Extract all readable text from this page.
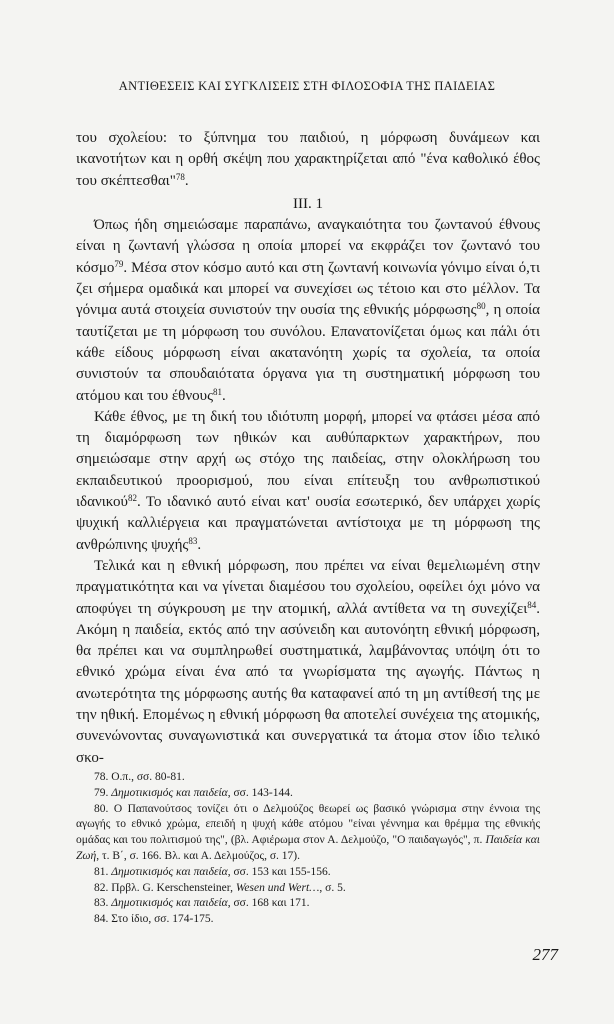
ΑΝΤΙΘΕΣΕΙΣ ΚΑΙ ΣΥΓΚΛΙΣΕΙΣ ΣΤΗ ΦΙΛΟΣΟΦΙΑ ΤΗΣ ΠΑΙΔΕΙΑΣ

του σχολείου: το ξύπνημα του παιδιού, η μόρφωση δυνάμεων και ικανοτήτων και η ορθή σκέψη που χαρακτηρίζεται από "ένα καθολικό έθος του σκέπτεσθαι"$^{78}$.

ΙΙΙ. 1

Όπως ήδη σημειώσαμε παραπάνω, αναγκαιότητα του ζωντανού έθνους είναι η ζωντανή γλώσσα η οποία μπορεί να εκφράζει τον ζωντανό του κόσμο$^{79}$. Μέσα στον κόσμο αυτό και στη ζωντανή κοινωνία γόνιμο είναι ό,τι ζει σήμερα ομαδικά και μπορεί να συνεχίσει ως τέτοιο και στο μέλλον. Τα γόνιμα αυτά στοιχεία συνιστούν την ουσία της εθνικής μόρφωσης$^{80}$, η οποία ταυτίζεται με τη μόρφωση του συνόλου. Επανατονίζεται όμως και πάλι ότι κάθε είδους μόρφωση είναι ακατανόητη χωρίς τα σχολεία, τα οποία συνιστούν τα σπουδαιότατα όργανα για τη συστηματική μόρφωση του ατόμου και του έθνους$^{81}$.

Κάθε έθνος, με τη δική του ιδιότυπη μορφή, μπορεί να φτάσει μέσα από τη διαμόρφωση των ηθικών και αυθύπαρκτων χαρακτήρων, που σημειώσαμε στην αρχή ως στόχο της παιδείας, στην ολοκλήρωση του εκπαιδευτικού προορισμού, που είναι επίτευξη του ανθρωπιστικού ιδανικού$^{82}$. Το ιδανικό αυτό είναι κατ' ουσία εσωτερικό, δεν υπάρχει χωρίς ψυχική καλλιέργεια και πραγματώνεται αντίστοιχα με τη μόρφωση της ανθρώπινης ψυχής$^{83}$.

Τελικά και η εθνική μόρφωση, που πρέπει να είναι θεμελιωμένη στην πραγματικότητα και να γίνεται διαμέσου του σχολείου, οφείλει όχι μόνο να αποφύγει τη σύγκρουση με την ατομική, αλλά αντίθετα να τη συνεχίζει$^{84}$. Ακόμη η παιδεία, εκτός από την ασύνειδη και αυτονόητη εθνική μόρφωση, θα πρέπει και να συμπληρωθεί συστηματικά, λαμβάνοντας υπόψη ότι το εθνικό χρώμα είναι ένα από τα γνωρίσματα της αγωγής. Πάντως η ανωτερότητα της μόρφωσης αυτής θα καταφανεί από τη μη αντίθεσή της με την ηθική. Επομένως η εθνική μόρφωση θα αποτελεί συνέχεια της ατομικής, συνενώνοντας συναγωνιστικά και συνεργατικά τα άτομα στον ίδιο τελικό σκο-

78. Ο.π., σσ. 80-81.

79. Δημοτικισμός και παιδεία, σσ. 143-144.

80. Ο Παπανούτσος τονίζει ότι ο Δελμούζος θεωρεί ως βασικό γνώρισμα στην έννοια της αγωγής το εθνικό χρώμα, επειδή η ψυχή κάθε ατόμου "είναι γέννημα και θρέμμα της εθνικής ομάδας και του πολιτισμού της", (βλ. Αφιέρωμα στον Α. Δελμούζο, "Ο παιδαγωγός", π. Παιδεία και Ζωή, τ. Β΄, σ. 166. Βλ. και Α. Δελμούζος, σ. 17).

81. Δημοτικισμός και παιδεία, σσ. 153 και 155-156.

82. Πρβλ. G. Kerschensteiner, Wesen und Wert…, σ. 5.

83. Δημοτικισμός και παιδεία, σσ. 168 και 171.

84. Στο ίδιο, σσ. 174-175.

277
